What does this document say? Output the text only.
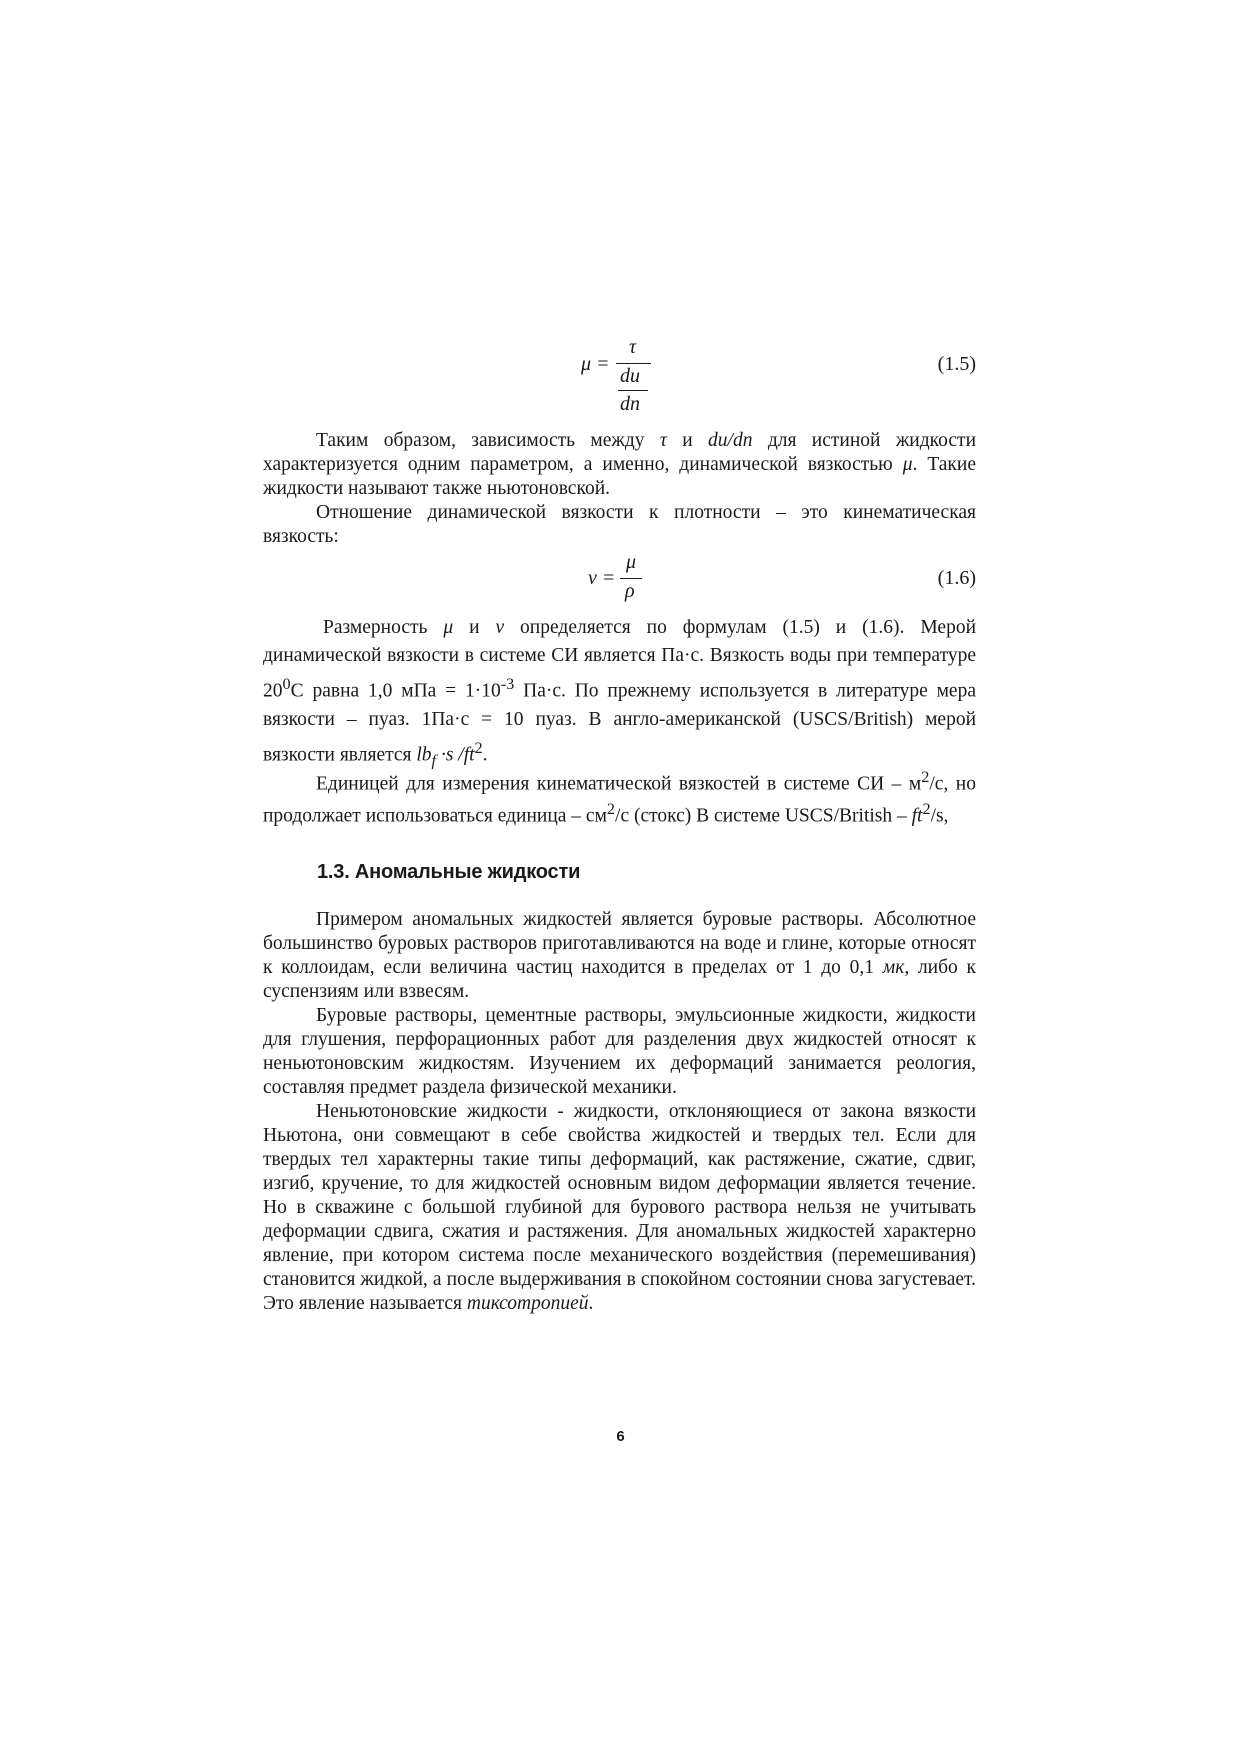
μ =
τ
du
dn
(1.5)

Таким образом, зависимость между τ и du/dn для истиной жидкости характеризуется одним параметром, а именно, динамической вязкостью μ. Такие жидкости называют также ньютоновской.

Отношение динамической вязкости к плотности – это кинематическая вязкость:

ν =
μ
ρ
(1.6)

Размерность μ и ν определяется по формулам (1.5) и (1.6). Мерой динамической вязкости в системе СИ является Па·с. Вязкость воды при температуре $20^0С$ равна 1,0 мПа = $1\cdot 10^{-3}$ Па·с. По прежнему используется в литературе мера вязкости – пуаз. 1Па·с = 10 пуаз. В англо-американской (USCS/British) мерой вязкости является $lb_f \cdot s$ $/ft^2$.

Единицей для измерения кинематической вязкостей в системе СИ – $м^2/с$, но продолжает использоваться единица – $см^2/с$ (стокс) В системе USCS/British – $ft^2/s$,

1.3. Аномальные жидкости

Примером аномальных жидкостей является буровые растворы. Абсолютное большинство буровых растворов приготавливаются на воде и глине, которые относят к коллоидам, если величина частиц находится в пределах от 1 до 0,1 мк, либо к суспензиям или взвесям.

Буровые растворы, цементные растворы, эмульсионные жидкости, жидкости для глушения, перфорационных работ для разделения двух жидкостей относят к неньютоновским жидкостям. Изучением их деформаций занимается реология, составляя предмет раздела физической механики.

Неньютоновские жидкости - жидкости, отклоняющиеся от закона вязкости Ньютона, они совмещают в себе свойства жидкостей и твердых тел. Если для твердых тел характерны такие типы деформаций, как растяжение, сжатие, сдвиг, изгиб, кручение, то для жидкостей основным видом деформации является течение. Но в скважине с большой глубиной для бурового раствора нельзя не учитывать деформации сдвига, сжатия и растяжения. Для аномальных жидкостей характерно явление, при котором система после механического воздействия (перемешивания) становится жидкой, а после выдерживания в спокойном состоянии снова загустевает. Это явление называется тиксотропией.

6
